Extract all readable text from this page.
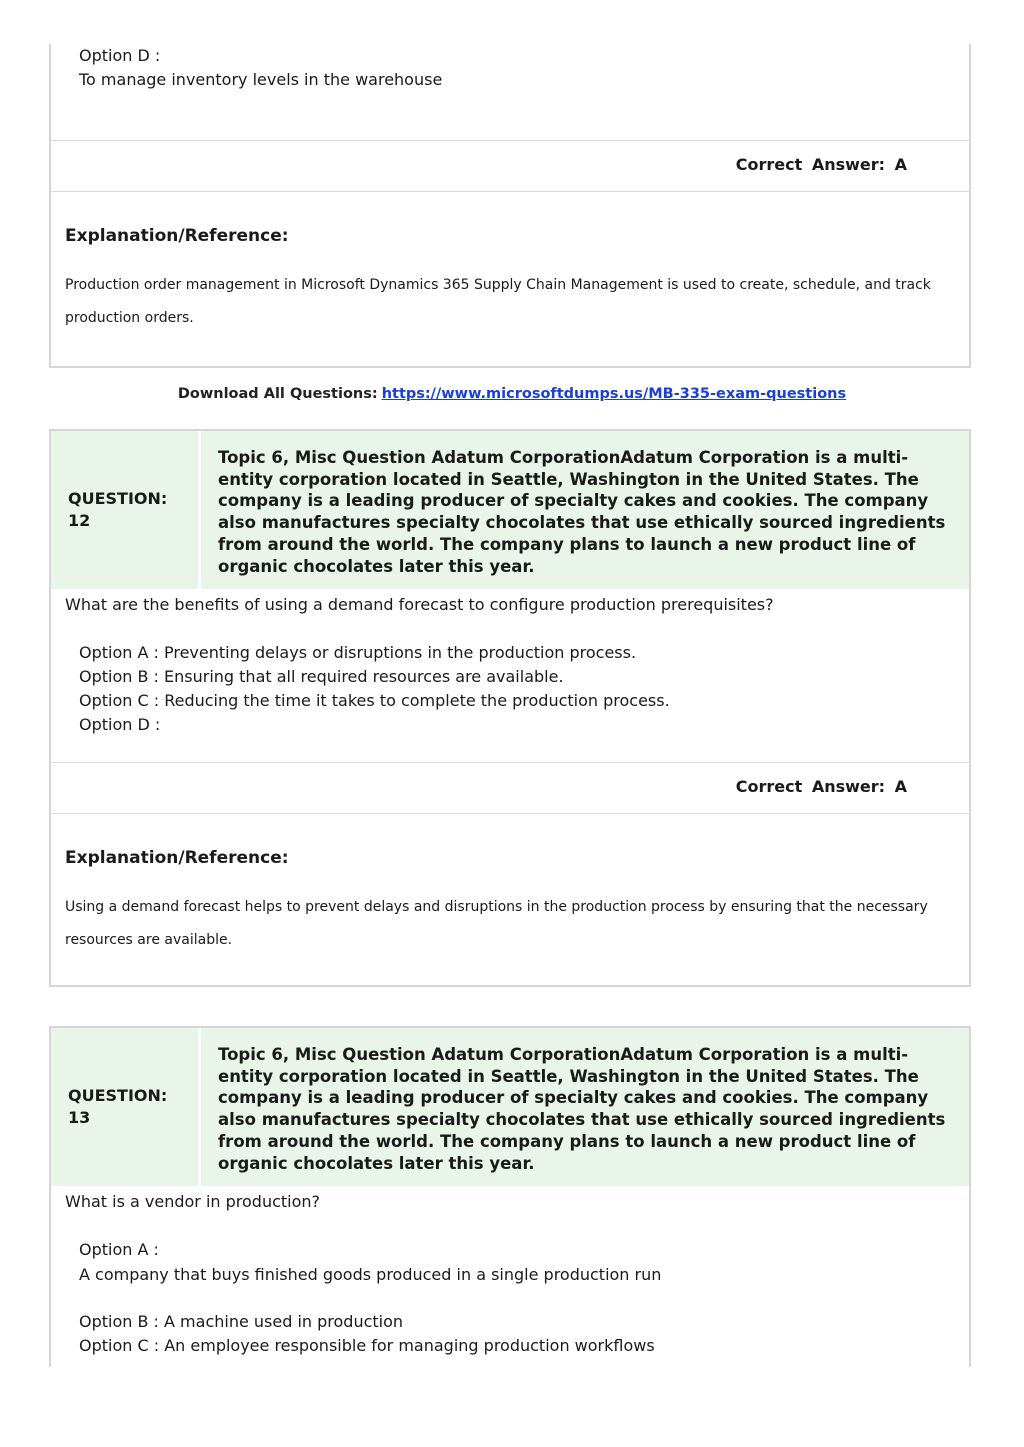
Option D :

To manage inventory levels in the warehouse

Correct Answer: A

Explanation/Reference:

Production order management in Microsoft Dynamics 365 Supply Chain Management is used to create, schedule, and track production orders.

Download All Questions: https://www.microsoftdumps.us/MB-335-exam-questions
QUESTION:
12
Topic 6, Misc Question Adatum CorporationAdatum Corporation is a multi-entity corporation located in Seattle, Washington in the United States. The company is a leading producer of specialty cakes and cookies. The company also manufactures specialty chocolates that use ethically sourced ingredients from around the world. The company plans to launch a new product line of organic chocolates later this year.

What are the benefits of using a demand forecast to configure production prerequisites?

Option A : Preventing delays or disruptions in the production process.

Option B : Ensuring that all required resources are available.

Option C : Reducing the time it takes to complete the production process.

Option D :

Correct Answer: A

Explanation/Reference:

Using a demand forecast helps to prevent delays and disruptions in the production process by ensuring that the necessary resources are available.

QUESTION:
13
Topic 6, Misc Question Adatum CorporationAdatum Corporation is a multi-entity corporation located in Seattle, Washington in the United States. The company is a leading producer of specialty cakes and cookies. The company also manufactures specialty chocolates that use ethically sourced ingredients from around the world. The company plans to launch a new product line of organic chocolates later this year.

What is a vendor in production?

Option A :

A company that buys finished goods produced in a single production run

Option B : A machine used in production

Option C : An employee responsible for managing production workflows
